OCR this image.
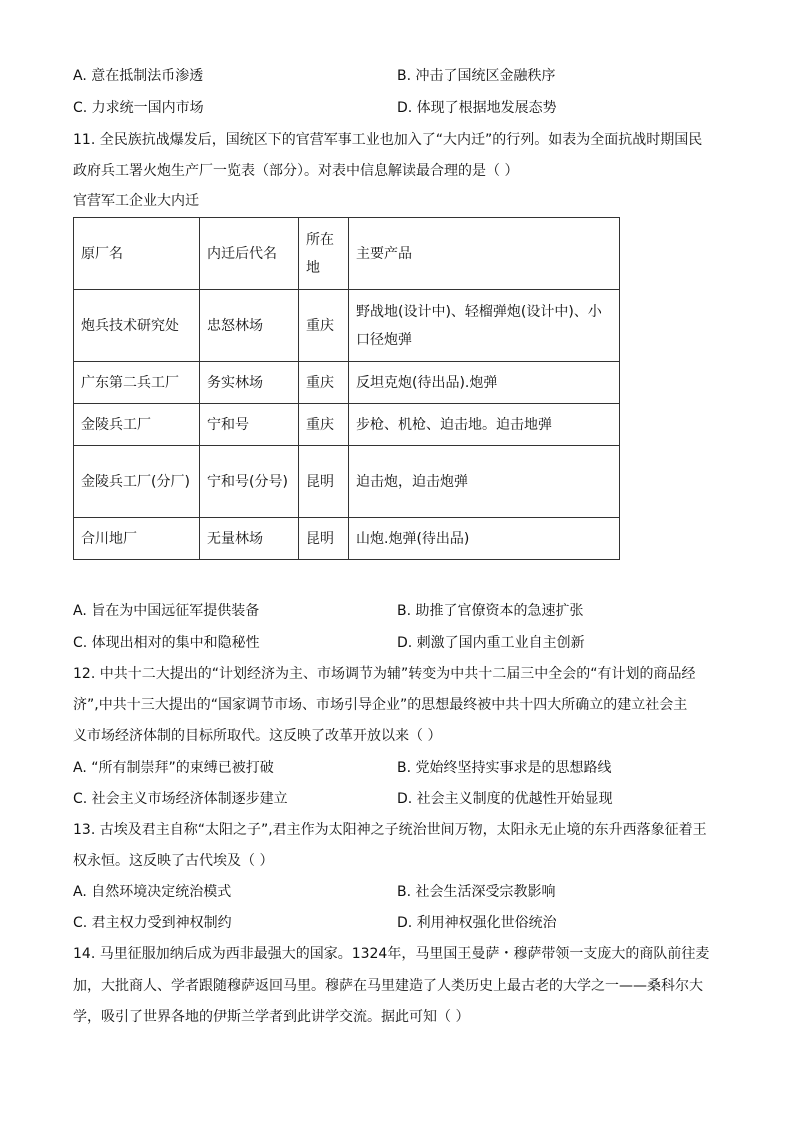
A. 意在抵制法币渗透	B. 冲击了国统区金融秩序
C. 力求统一国内市场	D. 体现了根据地发展态势
11. 全民族抗战爆发后，国统区下的官营军事工业也加入了“大内迁”的行列。如表为全面抗战时期国民
政府兵工署火炮生产厂一览表（部分）。对表中信息解读最合理的是（ ）
官营军工企业大内迁
原厂名	内迁后代名	所在地	主要产品
炮兵技术研究处	忠怒林场	重庆	野战地(设计中)、轻榴弹炮(设计中)、小口径炮弹
广东第二兵工厂	务实林场	重庆	反坦克炮(待出品).炮弹
金陵兵工厂	宁和号	重庆	步枪、机枪、迫击地。迫击地弹
金陵兵工厂(分厂)	宁和号(分号)	昆明	迫击炮，迫击炮弹
合川地厂	无量林场	昆明	山炮.炮弹(待出品)
A. 旨在为中国远征军提供装备	B. 助推了官僚资本的急速扩张
C. 体现出相对的集中和隐秘性	D. 刺激了国内重工业自主创新
12. 中共十二大提出的“计划经济为主、市场调节为辅”转变为中共十二届三中全会的“有计划的商品经
济”,中共十三大提出的“国家调节市场、市场引导企业”的思想最终被中共十四大所确立的建立社会主
义市场经济体制的目标所取代。这反映了改革开放以来（ ）
A. “所有制崇拜”的束缚已被打破	B. 党始终坚持实事求是的思想路线
C. 社会主义市场经济体制逐步建立	D. 社会主义制度的优越性开始显现
13. 古埃及君主自称“太阳之子”,君主作为太阳神之子统治世间万物，太阳永无止境的东升西落象征着王
权永恒。这反映了古代埃及（ ）
A. 自然环境决定统治模式	B. 社会生活深受宗教影响
C. 君主权力受到神权制约	D. 利用神权强化世俗统治
14. 马里征服加纳后成为西非最强大的国家。1324年，马里国王曼萨・穆萨带领一支庞大的商队前往麦
加，大批商人、学者跟随穆萨返回马里。穆萨在马里建造了人类历史上最古老的大学之一——桑科尔大
学，吸引了世界各地的伊斯兰学者到此讲学交流。据此可知（ ）
